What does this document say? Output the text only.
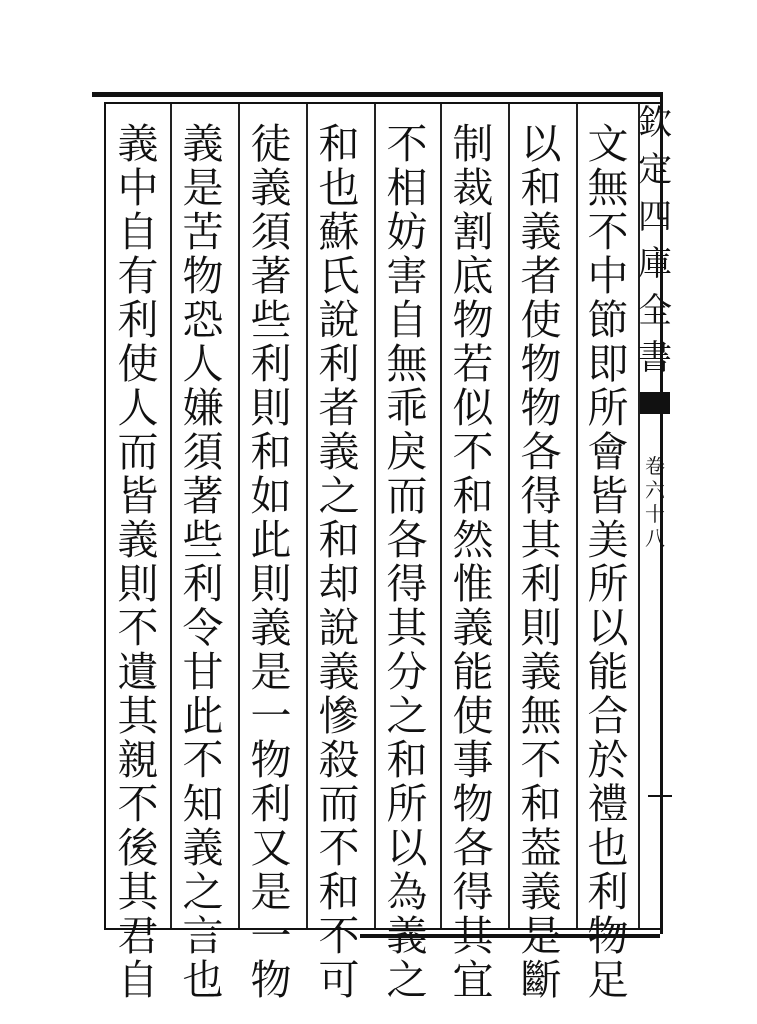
欽
定
四
庫
全
書
卷
六
十
八
文
無
不
中
節
即
所
會
皆
美
所
以
能
合
於
禮
也
利
物
足
以
和
義
者
使
物
物
各
得
其
利
則
義
無
不
和
葢
義
是
斷
制
裁
割
底
物
若
似
不
和
然
惟
義
能
使
事
物
各
得
其
宜
不
相
妨
害
自
無
乖
戾
而
各
得
其
分
之
和
所
以
為
義
之
和
也
蘇
氏
說
利
者
義
之
和
却
說
義
慘
殺
而
不
和
不
可
徒
義
須
著
些
利
則
和
如
此
則
義
是
一
物
利
又
是
一
物
義
是
苦
物
恐
人
嫌
須
著
些
利
令
甘
此
不
知
義
之
言
也
義
中
自
有
利
使
人
而
皆
義
則
不
遺
其
親
不
後
其
君
自
